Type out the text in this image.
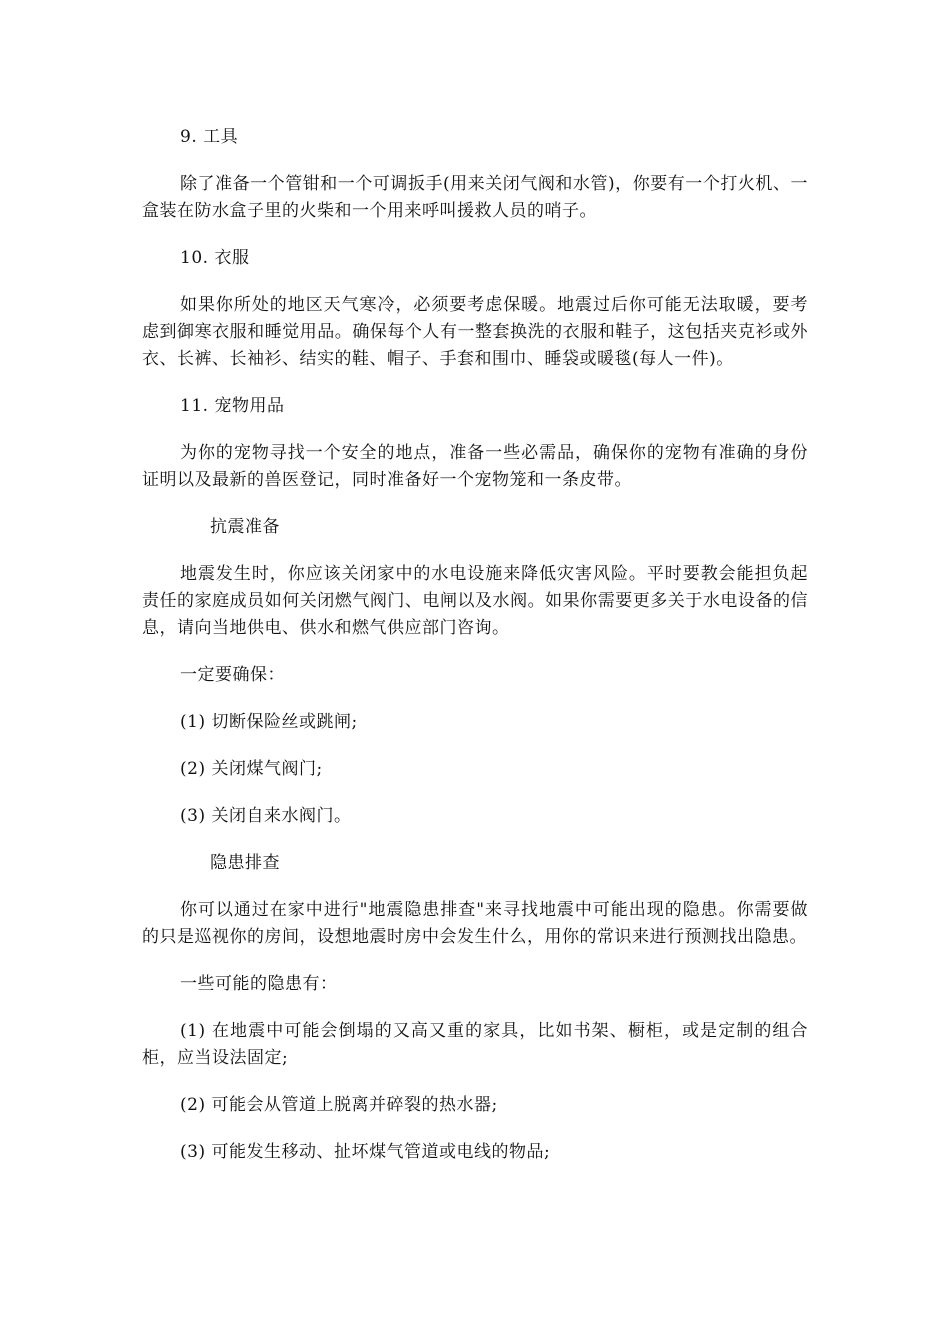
9. 工具

除了准备一个管钳和一个可调扳手(用来关闭气阀和水管)，你要有一个打火机、一盒装在防水盒子里的火柴和一个用来呼叫援救人员的哨子。

10. 衣服

如果你所处的地区天气寒冷，必须要考虑保暖。地震过后你可能无法取暖，要考虑到御寒衣服和睡觉用品。确保每个人有一整套换洗的衣服和鞋子，这包括夹克衫或外衣、长裤、长袖衫、结实的鞋、帽子、手套和围巾、睡袋或暖毯(每人一件)。

11. 宠物用品

为你的宠物寻找一个安全的地点，准备一些必需品，确保你的宠物有准确的身份证明以及最新的兽医登记，同时准备好一个宠物笼和一条皮带。

抗震准备

地震发生时，你应该关闭家中的水电设施来降低灾害风险。平时要教会能担负起责任的家庭成员如何关闭燃气阀门、电闸以及水阀。如果你需要更多关于水电设备的信息，请向当地供电、供水和燃气供应部门咨询。

一定要确保：

(1) 切断保险丝或跳闸;

(2) 关闭煤气阀门;

(3) 关闭自来水阀门。

隐患排查

你可以通过在家中进行"地震隐患排查"来寻找地震中可能出现的隐患。你需要做的只是巡视你的房间，设想地震时房中会发生什么，用你的常识来进行预测找出隐患。

一些可能的隐患有：

(1) 在地震中可能会倒塌的又高又重的家具，比如书架、橱柜，或是定制的组合柜，应当设法固定;

(2) 可能会从管道上脱离并碎裂的热水器;

(3) 可能发生移动、扯坏煤气管道或电线的物品;
